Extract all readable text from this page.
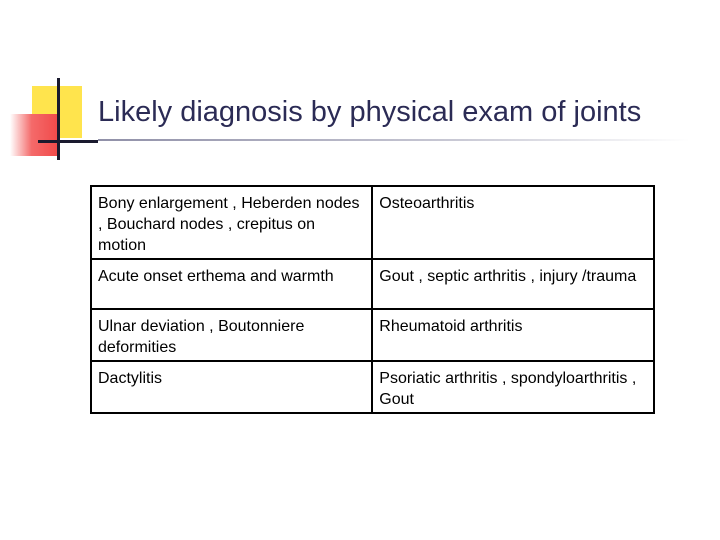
Likely diagnosis by physical exam of joints
Bony enlargement , Heberden nodes , Bouchard nodes , crepitus on motion	Osteoarthritis
Acute onset erthema and warmth	Gout , septic arthritis , injury /trauma
Ulnar deviation , Boutonniere deformities	Rheumatoid arthritis
Dactylitis	Psoriatic arthritis , spondyloarthritis , Gout
